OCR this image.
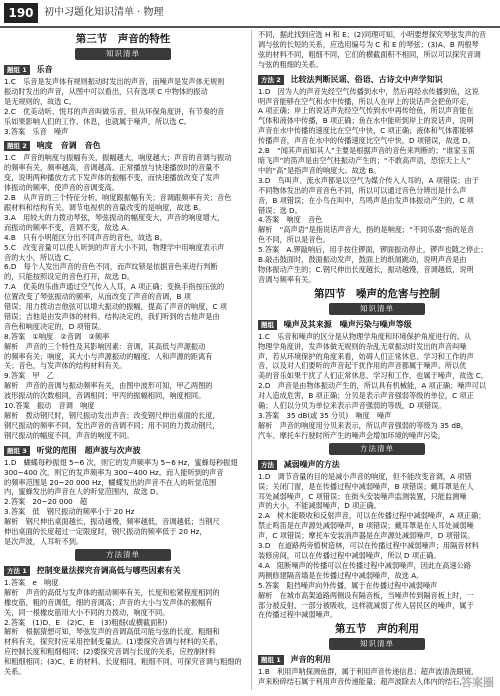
190	初中习题化知识清单 · 物理
第三节　声音的特性
知识清单
题组 1 乐音

1.C　乐音是发声体有规则振动时发出的声音，而噪声是发声体无规则

振动时发出的声音，从图中可以看出，只有选项 C 中物体的振动

是无规则的，故选 C。

2.C　优美动听、悦耳的声音叫做乐音，但从环保角度讲，有节奏的音

乐如果影响人们的工作、休息，也就属于噪声，所以选 C。

3.答案　乐音　噪声

题组 2 响度　音调　音色

1.C　声音的响度与振幅有关，振幅越大，响度越大；声音的音调与振动

的频率有关，频率越高，音调越高。正常播放与快速播放时的音量不

变，说明两种播放方式下发声体的振幅不变，而快速播放改变了发声

体振动的频率，使声音的音调变高。

2.B　从声音的三个特征分析，响度跟振幅有关；音调跟频率有关；音色

跟材料和结构有关。调节电视机的音量改变的是响度，故选 B。

3.A　用较大的力拨动琴弦，琴弦振动的幅度变大，声音的响度增大，

而振动的频率不变，音调不变，故选 A。

4.B　只有小明能区分出不同声音的音色，故选 B。

5.C　改变音量可以使人听到的声音大小不同，物理学中用响度表示声

音的大小，所以选 C。

6.D　每个人发出声音的音色不同，而声纹锁是依据音色来进行判断

的，只能按照设定的音色打开，故选 D。

7.A　优美的乐曲声通过空气传入人耳，A 项正确；变换手指按压弦的

位置改变了琴弦振动的频率，从而改变了声音的音调，B 项

错误；用力拨动吉他弦可以增大振动的振幅，提高了声音的响度，C 项

错误；吉他是由发声体的材料、结构决定的，我们听到的吉他声是由

音色和响度决定的，D 项错误。

8.答案　①响度　②音调　③频率

解析　声音的三个特性及其影响因素：音调，其高低与声源振动

的频率有关；响度，其大小与声源振动的幅度、人和声源的距离有

关；音色，与发声体的结构材料有关。

9.答案　甲　乙

解析　声音的音调与振动频率有关，由图中波形可知，甲乙两图的

波形振动的次数相同，音调相同；甲丙的振幅相同，响度相同。

10.答案　振动　音调　响度

解析　拨动钢尺时，钢尺振动发出声音；改变钢尺伸出桌面的长度，

钢尺振动的频率不同，发出声音的音调不同；用不同的力拨动钢尺，

钢尺振动的幅度不同，声音的响度不同。

题组 3 听觉的范围　超声波与次声波

1.D　蝴蝶每秒振翅 5~6 次，则它的发声频率为 5~6 Hz，蜜蜂每秒振翅

300~400 次，则它的发声频率为 300~400 Hz。而人能听到的声音

的频率范围是 20~20 000 Hz，蝴蝶发出的声音不在人的听觉范围

内，蜜蜂发出的声音在人的听觉范围内，故选 D。

2.答案　20~20 000　超

3.答案　低　钢尺振动的频率小于 20 Hz

解析　钢尺伸出桌面越长，振动越慢，频率越低，音调越低；当钢尺

伸出桌面的长度超过一定限度时，钢尺振动的频率低于 20 Hz，

是次声波，人耳听不到。

方法清单
方法 1 控制变量法探究音调高低与哪些因素有关

1.答案　e　响度

解析　声音的高低与发声体的振动频率有关，长度和松紧程度相同的

橡皮筋，粗的音调低，细的音调高；声音的大小与发声体的振幅有

关，同一根橡皮筋用大小不同的力拨动，响度不同。

2.答案　(1)D、E　(2)C、E　(3)粗细(或横截面积)

解析　根据猜想可知，琴弦发声的音调高低可能与弦的长度、粗细和

材料有关，探究时应采用控制变量法。(1)要探究音调与材料的关系，

应控制长度和粗细相同；(2)要探究音调与长度的关系，应控制材料

和粗细相同；(3)C、E 的材料、长度相同，粗细不同，可探究音调与粗细的关系。

不同，据此找到应选 H 和 E；(2)同理可知，小明要想探究琴弦发声的音

调与弦的长短的关系，应选用编号为 C 和 E 的琴弦；(3)A、B 两根琴

弦的材料不同，粗细不同，它们的横截面积不相同，所以可以探究音调

与弦的粗细的关系。

方法 2 比较法判断民谣、俗语、古诗文中声学知识

1.D　因为人的声音先经空气传播到水中，然后再经水传播到鱼，这说

明声音能够在空气和水中传播，所以人在岸上的说话声会把鱼吓走，

A 项正确；岸上的说话声先经空气传到水中再传给鱼，所以声音能在

气体和液体中传播，B 项正确；鱼在水中能听到岸上的说话声，说明

声音在水中传播的速度比在空气中快，C 项正确；液体和气体都能够

传播声音，声音在水中的传播速度比空气中快，D 项错误，故选 D。

2.B　“闻其声而知其人”主要是根据声音的音色来判断的；“谁家玉笛

暗飞声”的笛声是由空气柱振动产生的；“不敢高声语，恐惊天上人”

中的“高”是指声音的响度大。故选 B。

3.D　鸟叫声、流水声都是以空气为媒介传入人耳的，A 项错误；由于

不同物体发出的声音音色不同，所以可以通过音色分辨出是什么声

音，B 项错误；在小鸟在叫中，鸟鸣声是由发声体振动产生的，C 项

错误；选 D。

4.答案　响度　音色

解析　“高声语”是指说话声音大，指的是响度；“不同乐器”指的是音

色不同，所以是音色。

5.答案　A.锣敲响后，用手按住锣面，锣面振动停止，锣声也随之停止；

B.敲击鼓面时，鼓面振动发声，鼓面上的纸屑跳动，说明声音是由

物体振动产生的；C.钢尺伸出长度越长，振动越慢，音调越低，说明

音调与频率有关。

第四节　噪声的危害与控制
知识清单
题组 噪声及其来源　噪声污染与噪声等级

1.C　乐音和噪声的区分是从物理学角度和环境保护角度进行的。从

物理学角度讲，发声体做无规则的杂乱无章振动时发出的声音叫噪

声，若从环境保护的角度来看，妨碍人们正常休息、学习和工作的声

音，以及对人们要听的声音起干扰作用的声音都属于噪声。所以优

美的音乐如果干扰了人们正常休息、学习和工作，也属于噪声，故选 C。

2.D　声音是由物体振动产生的，所以具有机械能，A 项正确；噪声可以

对人造成危害，B 项正确；分贝是表示声音强弱等级的单位，C 项正

确；人们以分贝为单位来表示声音强弱的等级，D 项错误。

3.答案　35 dB(或 35 分贝)　响度　噪声

解析　声音的响度用分贝来表示，所以声音强弱的等级为 35 dB，

汽车、摩托车行驶时所产生的噪声会增加环境的噪声污染。

方法清单
方法 减弱噪声的方法

1.D　调节音量的目的是减小声音的响度，但不能改变音调，A 项错

误；关闭门窗，是在传播过程中减弱噪声，B 项错误；戴耳罩是在人

耳处减弱噪声，C 项错误；在街头安装噪声监测装置，只能监测噪

声的大小，不能减弱噪声，D 项正确。

2.A　树木能吸收和反射声音，可以在传播过程中减弱噪声，A 项正确；

禁止鸣笛是在声源处减弱噪声，B 项错误；戴耳罩是在人耳处减弱噪

声，C 项错误；摩托车安装消声器是在声源处减弱噪声，D 项错误。

3.D　在道路两旁植树造林，可以在传播过程中减弱噪声；用隔音材料

装修房间，可以在传播过程中减弱噪声，所以 D 项正确。

4.A　阻断噪声的传播可以在传播过程中减弱噪声，因此在高速公路

两侧修建隔音墙是在传播过程中减弱噪声，故选 A。

5.答案　阻挡噪声向外传播，属于在传播过程中减弱噪声

解析　在城市高架道路两侧设有隔音板，当噪声传到隔音板上时，一

部分被反射，一部分被吸收，这样就减弱了传入居民区的噪声，属于

在传播过程中减弱噪声。

第五节　声的利用
知识清单
题组 1 声音的利用

1.B　利用声呐探测鱼群，属于利用声音传递信息；超声波清洗眼镜，

声来粉碎结石属于利用声音传递能量；超声波除去人体内的结石，

答案圈
